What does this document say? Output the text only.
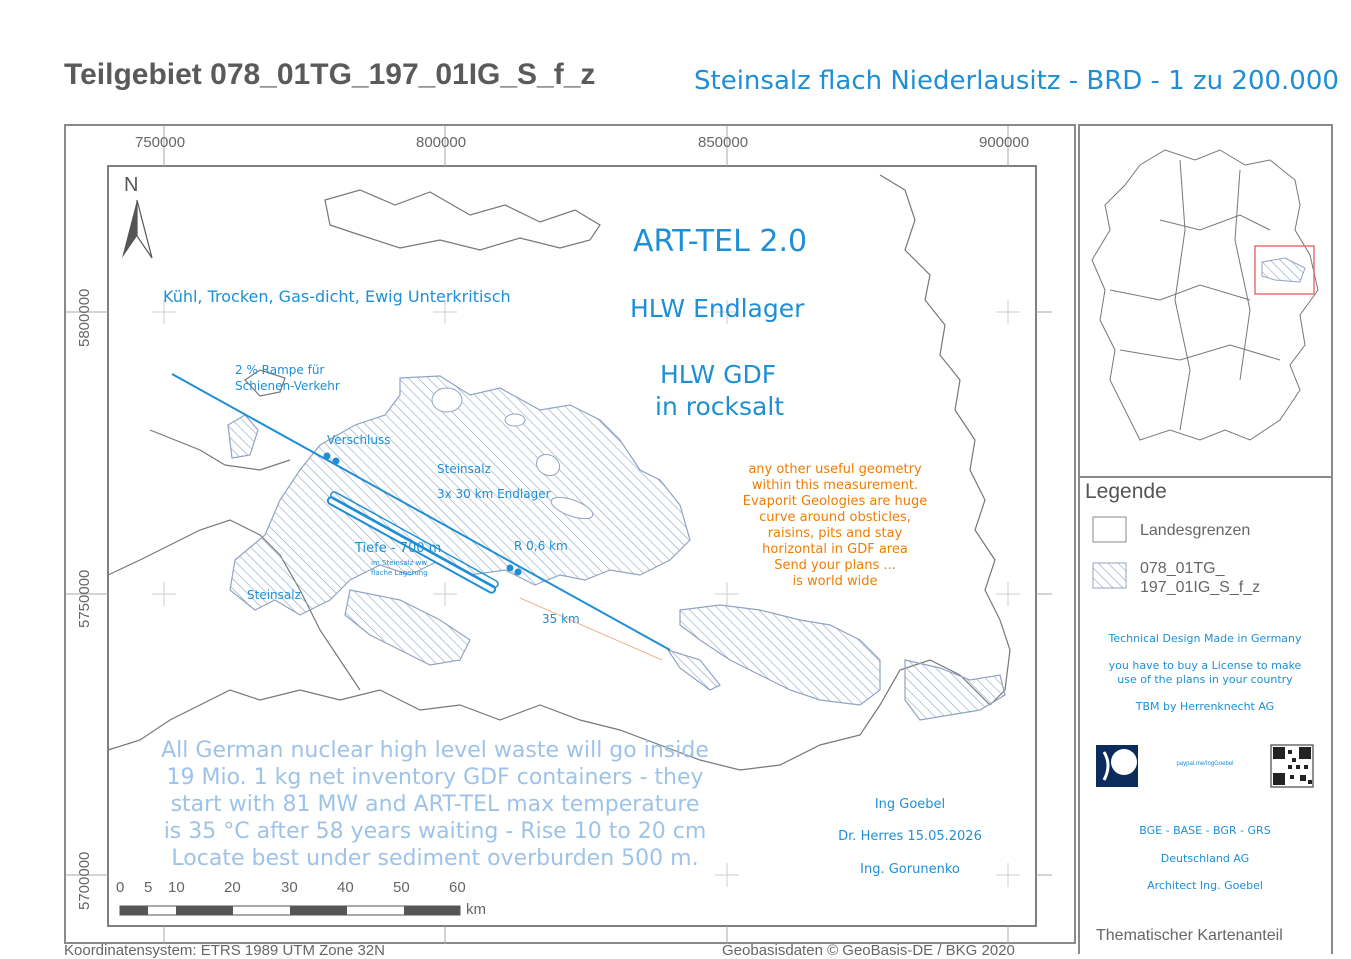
Teilgebiet 078_01TG_197_01IG_S_f_z	Steinsalz flach Niederlausitz - BRD - 1 zu 200.000
750000	800000	850000	900000
5800000
5750000
5700000
N
ART-TEL 2.0
HLW Endlager
HLW GDF
in rocksalt
Kühl, Trocken, Gas-dicht, Ewig Unterkritisch
2 % Rampe für
Schienen-Verkehr
Verschluss
Steinsalz
3x 30 km Endlager
R 0,6 km
Tiefe - 700 m
im Steinsalz ww
flache Lagerung
Steinsalz
35 km
any other useful geometry
within this measurement.
Evaporit Geologies are huge
curve around obsticles,
raisins, pits and stay
horizontal in GDF area
Send your plans ...
is world wide
All German nuclear high level waste will go inside
19 Mio. 1 kg net inventory GDF containers - they
start with 81 MW and ART-TEL max temperature
is 35 °C after 58 years waiting - Rise 10 to 20 cm
Locate best under sediment overburden 500 m.
Ing Goebel
Dr. Herres 15.05.2026
Ing. Gorunenko
0 5 10	20	30	40	50	60
km
Legende
Landesgrenzen
078_01TG_
197_01IG_S_f_z
Technical Design Made in Germany
you have to buy a License to make
use of the plans in your country
TBM by Herrenknecht AG
paypal.me/IngGoebel
BGE - BASE - BGR - GRS
Deutschland AG
Architect Ing. Goebel
Thematischer Kartenanteil
Koordinatensystem: ETRS 1989 UTM Zone 32N	Geobasisdaten © GeoBasis-DE / BKG 2020
